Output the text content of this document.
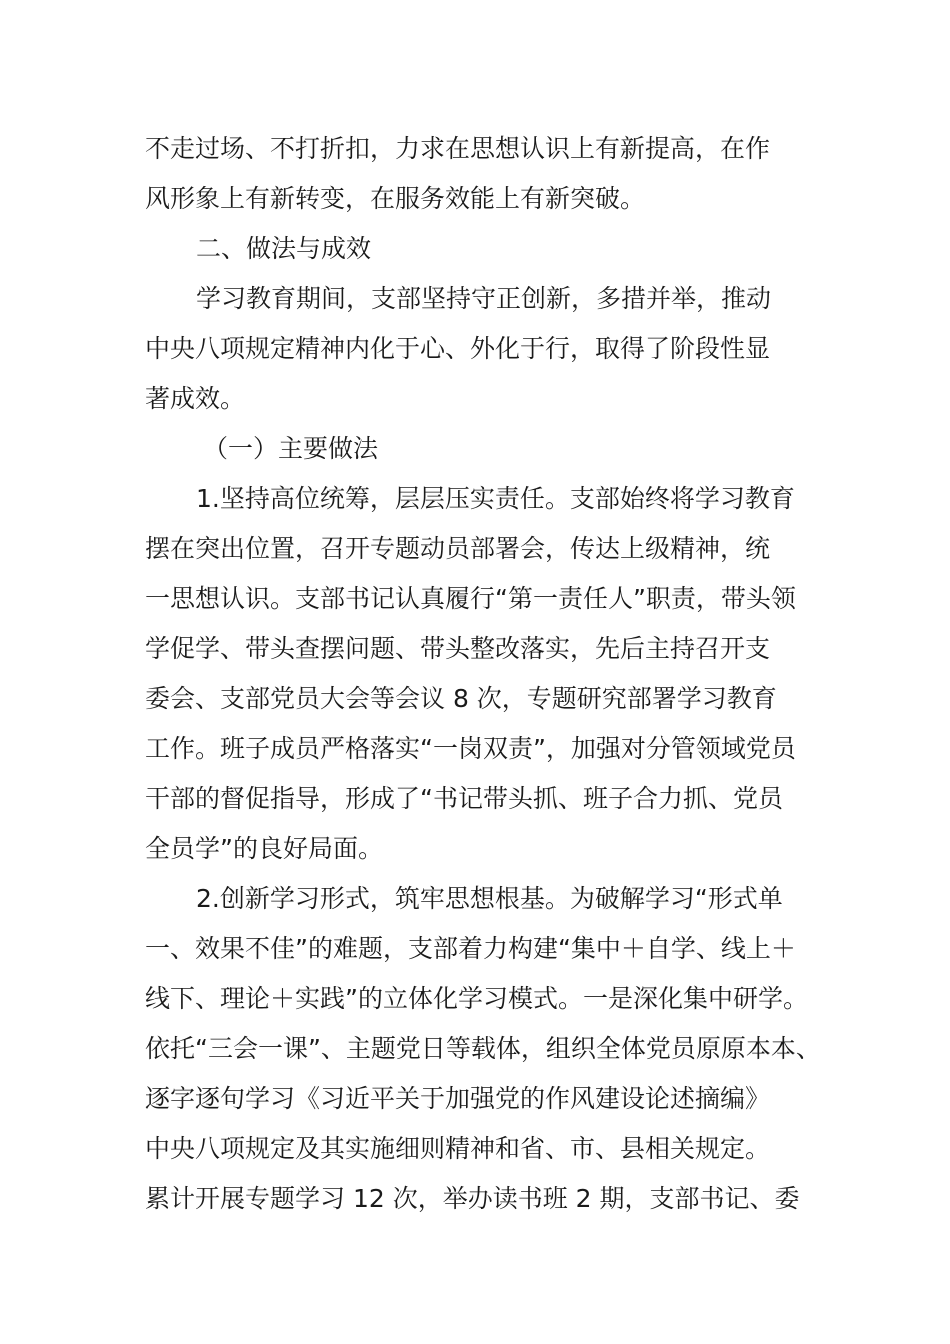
不走过场、不打折扣，力求在思想认识上有新提高，在作
风形象上有新转变，在服务效能上有新突破。
二、做法与成效
学习教育期间，支部坚持守正创新，多措并举，推动
中央八项规定精神内化于心、外化于行，取得了阶段性显
著成效。
（一）主要做法
1.坚持高位统筹，层层压实责任。支部始终将学习教育
摆在突出位置，召开专题动员部署会，传达上级精神，统
一思想认识。支部书记认真履行“第一责任人”职责，带头领
学促学、带头查摆问题、带头整改落实，先后主持召开支
委会、支部党员大会等会议 8 次，专题研究部署学习教育
工作。班子成员严格落实“一岗双责”，加强对分管领域党员
干部的督促指导，形成了“书记带头抓、班子合力抓、党员
全员学”的良好局面。
2.创新学习形式，筑牢思想根基。为破解学习“形式单
一、效果不佳”的难题，支部着力构建“集中＋自学、线上＋
线下、理论＋实践”的立体化学习模式。一是深化集中研学。
依托“三会一课”、主题党日等载体，组织全体党员原原本本、
逐字逐句学习《习近平关于加强党的作风建设论述摘编》
中央八项规定及其实施细则精神和省、市、县相关规定。
累计开展专题学习 12 次，举办读书班 2 期，支部书记、委
